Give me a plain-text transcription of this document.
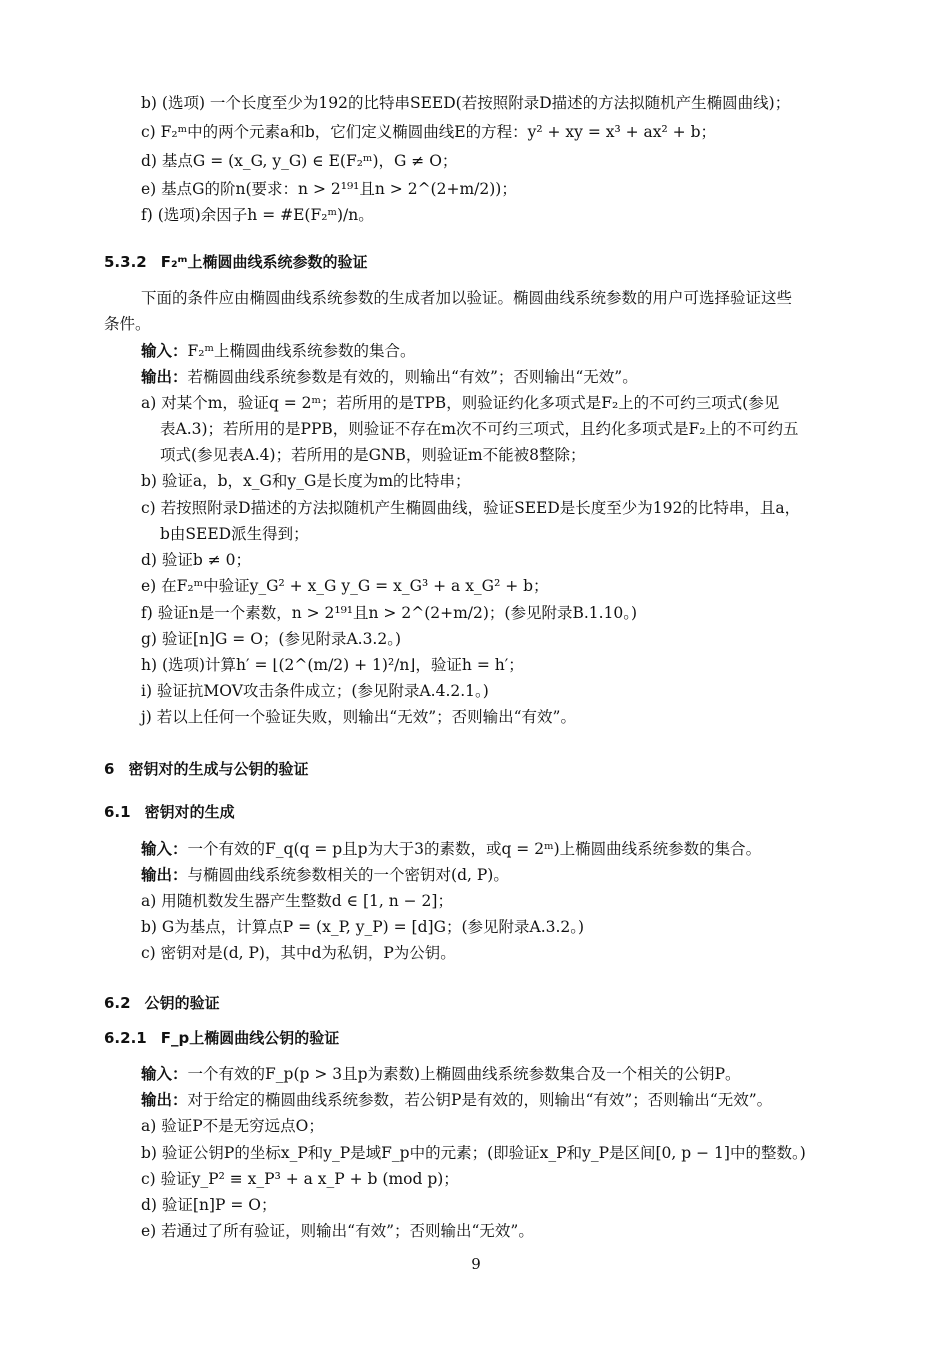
b) (选项) 一个长度至少为192的比特串SEED(若按照附录D描述的方法拟随机产生椭圆曲线)；
c) F₂ᵐ中的两个元素a和b，它们定义椭圆曲线E的方程：y² + xy = x³ + ax² + b；
d) 基点G = (x_G, y_G) ∈ E(F₂ᵐ)，G ≠ O；
e) 基点G的阶n(要求：n > 2¹⁹¹且n > 2^(2+m/2))；
f) (选项)余因子h = #E(F₂ᵐ)/n。
5.3.2 F₂ᵐ上椭圆曲线系统参数的验证
下面的条件应由椭圆曲线系统参数的生成者加以验证。椭圆曲线系统参数的用户可选择验证这些
条件。
输入：F₂ᵐ上椭圆曲线系统参数的集合。
输出：若椭圆曲线系统参数是有效的，则输出“有效”；否则输出“无效”。
a) 对某个m，验证q = 2ᵐ；若所用的是TPB，则验证约化多项式是F₂上的不可约三项式(参见
表A.3)；若所用的是PPB，则验证不存在m次不可约三项式，且约化多项式是F₂上的不可约五
项式(参见表A.4)；若所用的是GNB，则验证m不能被8整除；
b) 验证a，b，x_G和y_G是长度为m的比特串；
c) 若按照附录D描述的方法拟随机产生椭圆曲线，验证SEED是长度至少为192的比特串，且a，
b由SEED派生得到；
d) 验证b ≠ 0；
e) 在F₂ᵐ中验证y_G² + x_G y_G = x_G³ + a x_G² + b；
f) 验证n是一个素数，n > 2¹⁹¹且n > 2^(2+m/2)；(参见附录B.1.10。)
g) 验证[n]G = O；(参见附录A.3.2。)
h) (选项)计算h′ = ⌊(2^(m/2) + 1)²/n⌋，验证h = h′；
i) 验证抗MOV攻击条件成立；(参见附录A.4.2.1。)
j) 若以上任何一个验证失败，则输出“无效”；否则输出“有效”。
6 密钥对的生成与公钥的验证
6.1 密钥对的生成
输入：一个有效的F_q(q = p且p为大于3的素数，或q = 2ᵐ)上椭圆曲线系统参数的集合。
输出：与椭圆曲线系统参数相关的一个密钥对(d, P)。
a) 用随机数发生器产生整数d ∈ [1, n − 2]；
b) G为基点，计算点P = (x_P, y_P) = [d]G；(参见附录A.3.2。)
c) 密钥对是(d, P)，其中d为私钥，P为公钥。
6.2 公钥的验证
6.2.1 F_p上椭圆曲线公钥的验证
输入：一个有效的F_p(p > 3且p为素数)上椭圆曲线系统参数集合及一个相关的公钥P。
输出：对于给定的椭圆曲线系统参数，若公钥P是有效的，则输出“有效”；否则输出“无效”。
a) 验证P不是无穷远点O；
b) 验证公钥P的坐标x_P和y_P是域F_p中的元素；(即验证x_P和y_P是区间[0, p − 1]中的整数。)
c) 验证y_P² ≡ x_P³ + a x_P + b (mod p)；
d) 验证[n]P = O；
e) 若通过了所有验证，则输出“有效”；否则输出“无效”。
9
